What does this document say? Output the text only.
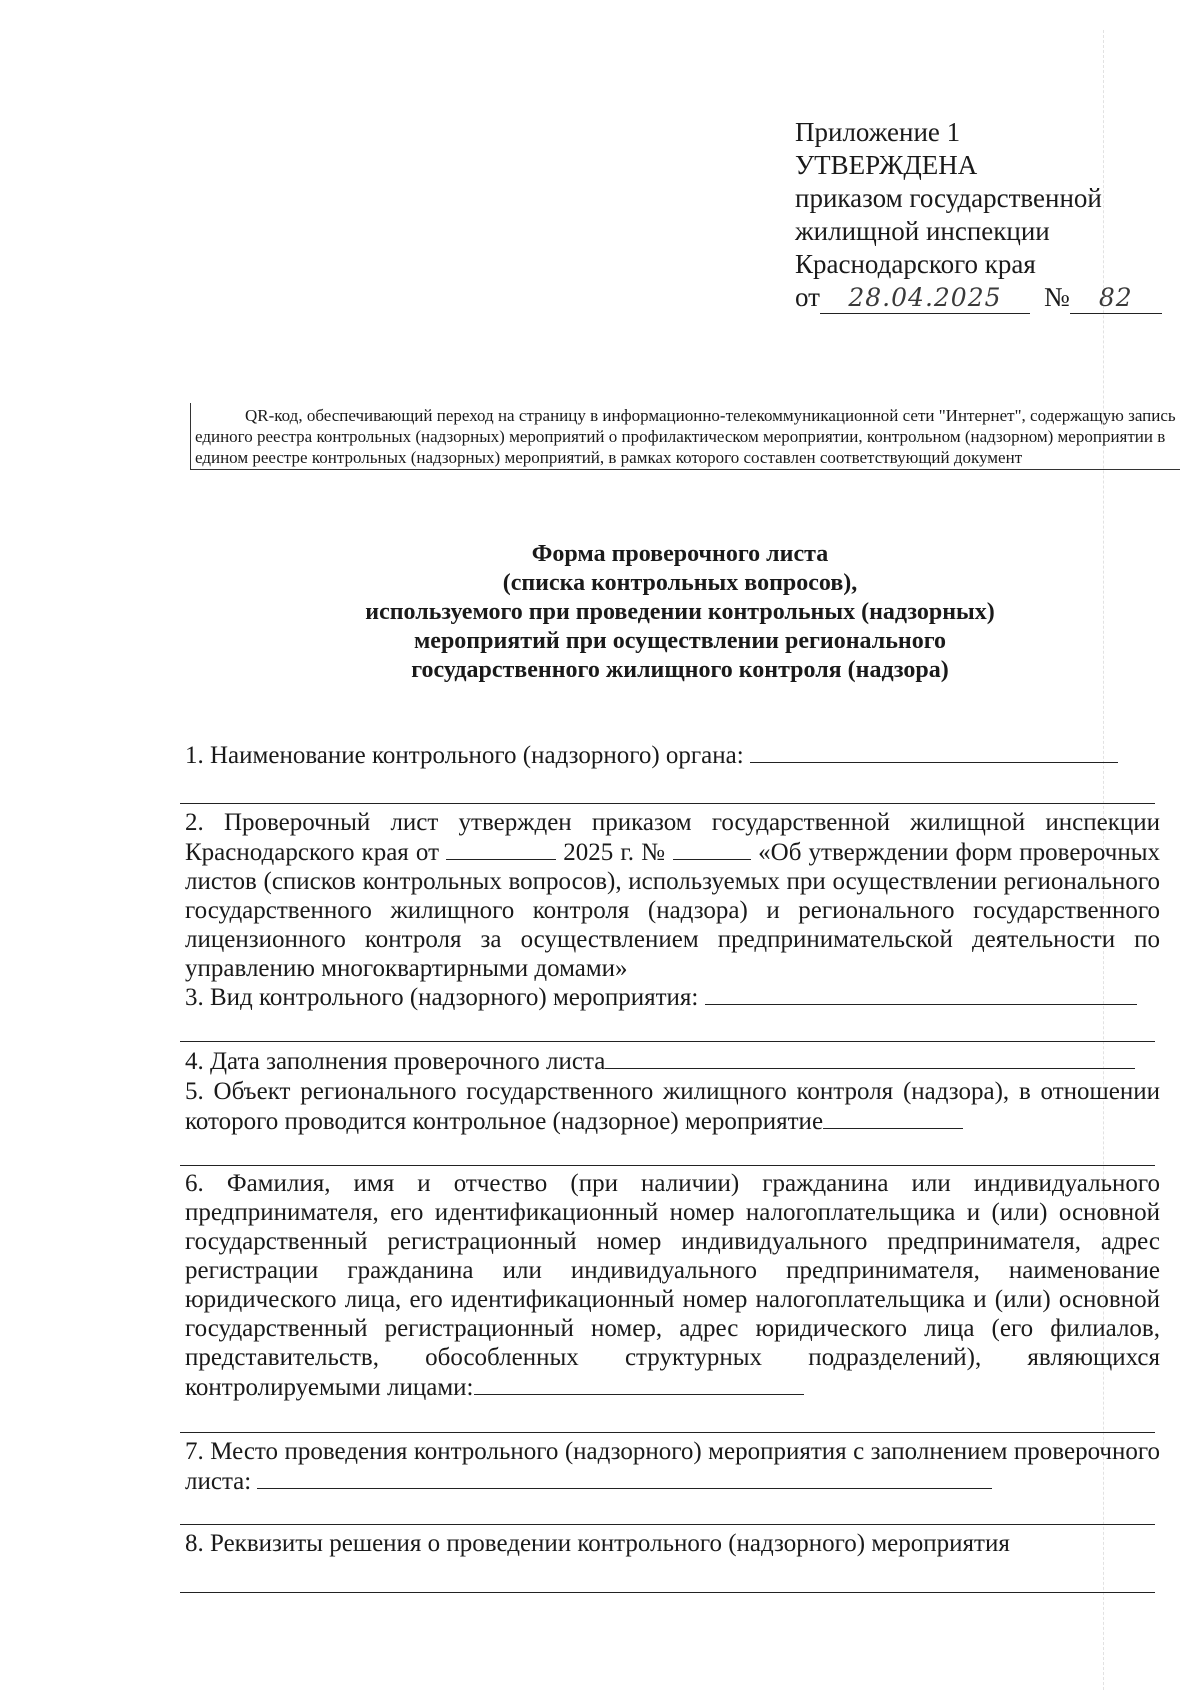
Приложение 1

УТВЕРЖДЕНА

приказом государственной

жилищной инспекции

Краснодарского края

от	28.04.2025	№	82

QR-код, обеспечивающий переход на страницу в информационно-телекоммуникационной сети "Интернет", содержащую запись единого реестра контрольных (надзорных) мероприятий о профилактическом мероприятии, контрольном (надзорном) мероприятии в едином реестре контрольных (надзорных) мероприятий, в рамках которого составлен соответствующий документ

Форма проверочного листа
(списка контрольных вопросов),
используемого при проведении контрольных (надзорных)
мероприятий при осуществлении регионального
государственного жилищного контроля (надзора)

1. Наименование контрольного (надзорного) органа:

2. Проверочный лист утвержден приказом государственной жилищной инспекции Краснодарского края от	2025 г. №	«Об утверждении форм проверочных листов (списков контрольных вопросов), используемых при осуществлении регионального государственного жилищного контроля (надзора) и регионального государственного лицензионного контроля за осуществлением предпринимательской деятельности по управлению многоквартирными домами»

3. Вид контрольного (надзорного) мероприятия:

4. Дата заполнения проверочного листа

5. Объект регионального государственного жилищного контроля (надзора), в отношении которого проводится контрольное (надзорное) мероприятие

6. Фамилия, имя и отчество (при наличии) гражданина или индивидуального предпринимателя, его идентификационный номер налогоплательщика и (или) основной государственный регистрационный номер индивидуального предпринимателя, адрес регистрации гражданина или индивидуального предпринимателя, наименование юридического лица, его идентификационный номер налогоплательщика и (или) основной государственный регистрационный номер, адрес юридического лица (его филиалов, представительств, обособленных структурных подразделений), являющихся контролируемыми лицами:

7. Место проведения контрольного (надзорного) мероприятия с заполнением проверочного листа:

8. Реквизиты решения о проведении контрольного (надзорного) мероприятия
